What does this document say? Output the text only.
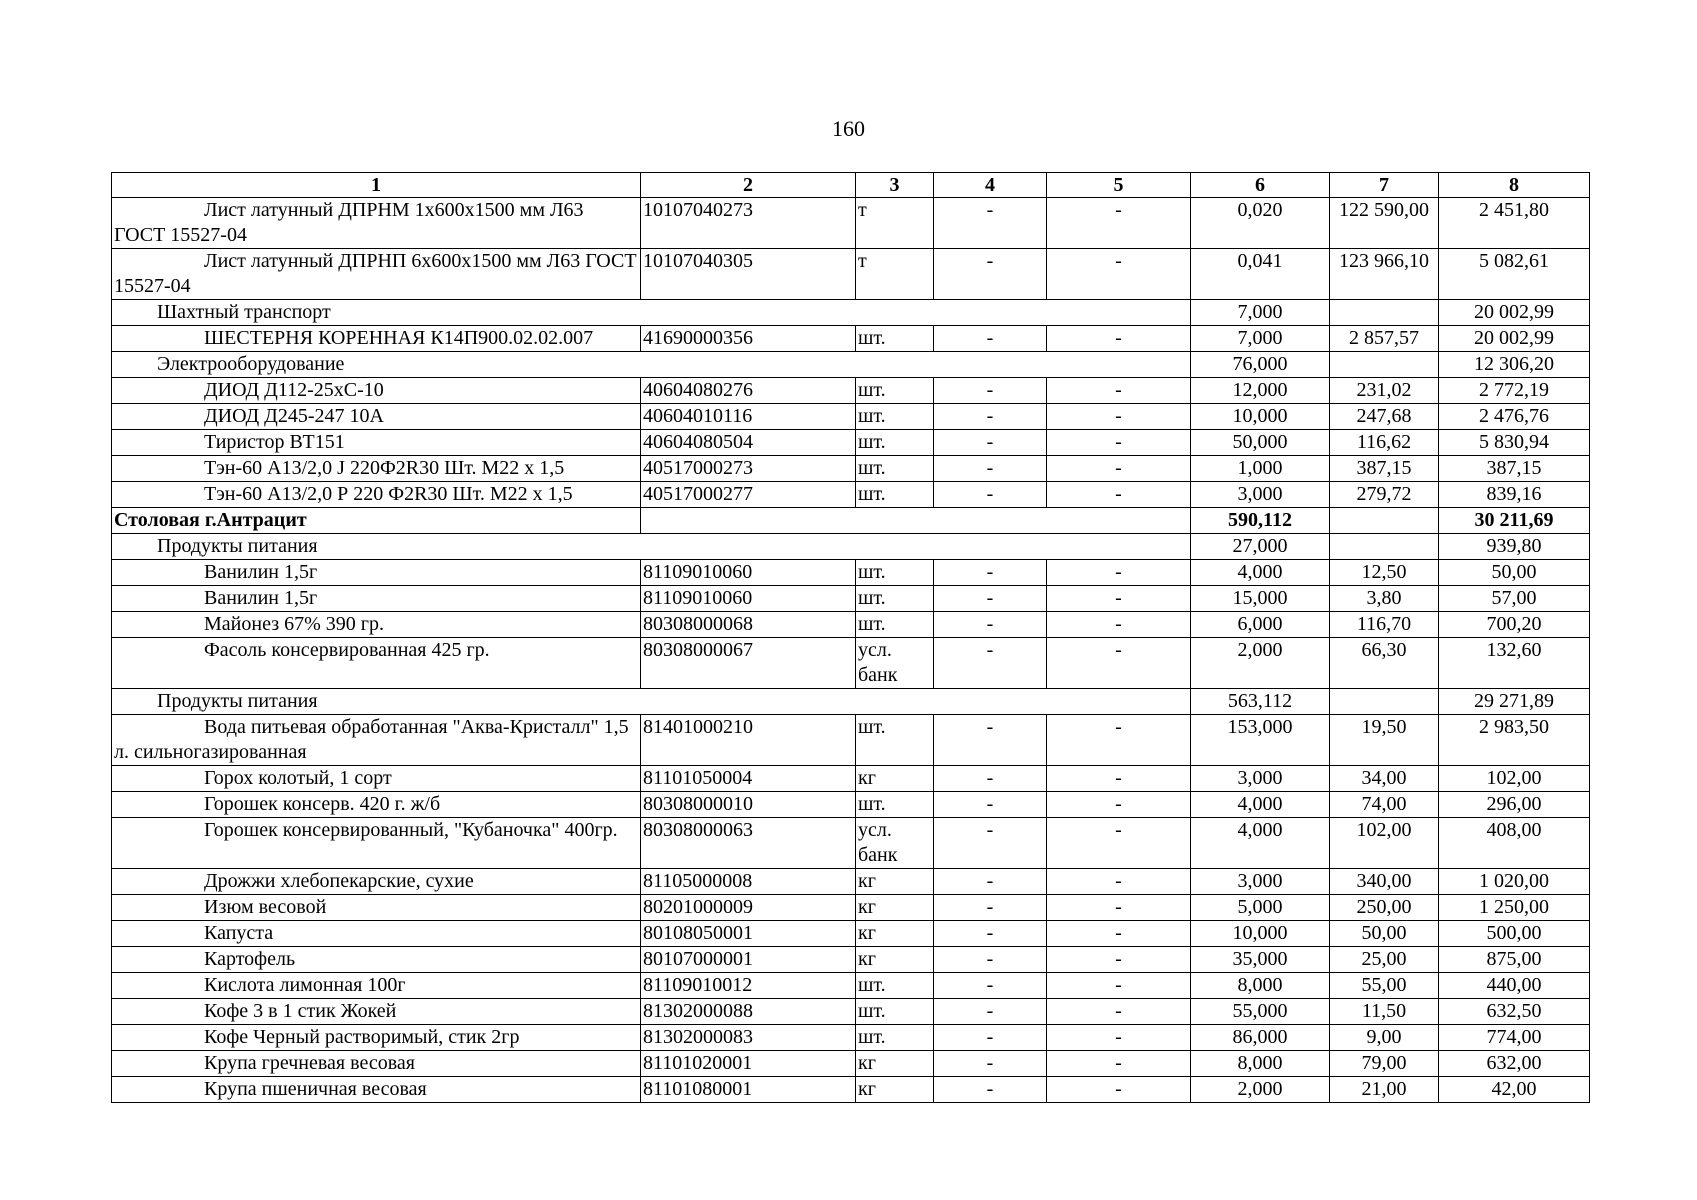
160
1	2	3	4	5	6	7	8
Лист латунный ДПРНМ 1х600х1500 мм Л63 ГОСТ 15527-04	10107040273	т	-	-	0,020	122 590,00	2 451,80
Лист латунный ДПРНП 6х600х1500 мм Л63 ГОСТ 15527-04	10107040305	т	-	-	0,041	123 966,10	5 082,61
Шахтный транспорт					7,000		20 002,99
ШЕСТЕРНЯ КОРЕННАЯ К14П900.02.02.007	41690000356	шт.	-	-	7,000	2 857,57	20 002,99
Электрооборудование					76,000		12 306,20
ДИОД Д112-25хС-10	40604080276	шт.	-	-	12,000	231,02	2 772,19
ДИОД Д245-247 10А	40604010116	шт.	-	-	10,000	247,68	2 476,76
Тиристор ВТ151	40604080504	шт.	-	-	50,000	116,62	5 830,94
Тэн-60 А13/2,0 J 220Ф2R30 Шт. М22 х 1,5	40517000273	шт.	-	-	1,000	387,15	387,15
Тэн-60 А13/2,0 Р 220 Ф2R30 Шт. М22 х 1,5	40517000277	шт.	-	-	3,000	279,72	839,16
Столовая г.Антрацит					590,112		30 211,69
Продукты питания					27,000		939,80
Ванилин 1,5г	81109010060	шт.	-	-	4,000	12,50	50,00
Ванилин 1,5г	81109010060	шт.	-	-	15,000	3,80	57,00
Майонез 67% 390 гр.	80308000068	шт.	-	-	6,000	116,70	700,20
Фасоль консервированная 425 гр.	80308000067	усл. банк	-	-	2,000	66,30	132,60
Продукты питания					563,112		29 271,89
Вода питьевая обработанная "Аква-Кристалл" 1,5 л. сильногазированная	81401000210	шт.	-	-	153,000	19,50	2 983,50
Горох колотый, 1 сорт	81101050004	кг	-	-	3,000	34,00	102,00
Горошек консерв. 420 г. ж/б	80308000010	шт.	-	-	4,000	74,00	296,00
Горошек консервированный, "Кубаночка" 400гр.	80308000063	усл. банк	-	-	4,000	102,00	408,00
Дрожжи хлебопекарские, сухие	81105000008	кг	-	-	3,000	340,00	1 020,00
Изюм весовой	80201000009	кг	-	-	5,000	250,00	1 250,00
Капуста	80108050001	кг	-	-	10,000	50,00	500,00
Картофель	80107000001	кг	-	-	35,000	25,00	875,00
Кислота лимонная 100г	81109010012	шт.	-	-	8,000	55,00	440,00
Кофе 3 в 1 стик Жокей	81302000088	шт.	-	-	55,000	11,50	632,50
Кофе Черный растворимый, стик 2гр	81302000083	шт.	-	-	86,000	9,00	774,00
Крупа гречневая весовая	81101020001	кг	-	-	8,000	79,00	632,00
Крупа пшеничная весовая	81101080001	кг	-	-	2,000	21,00	42,00
